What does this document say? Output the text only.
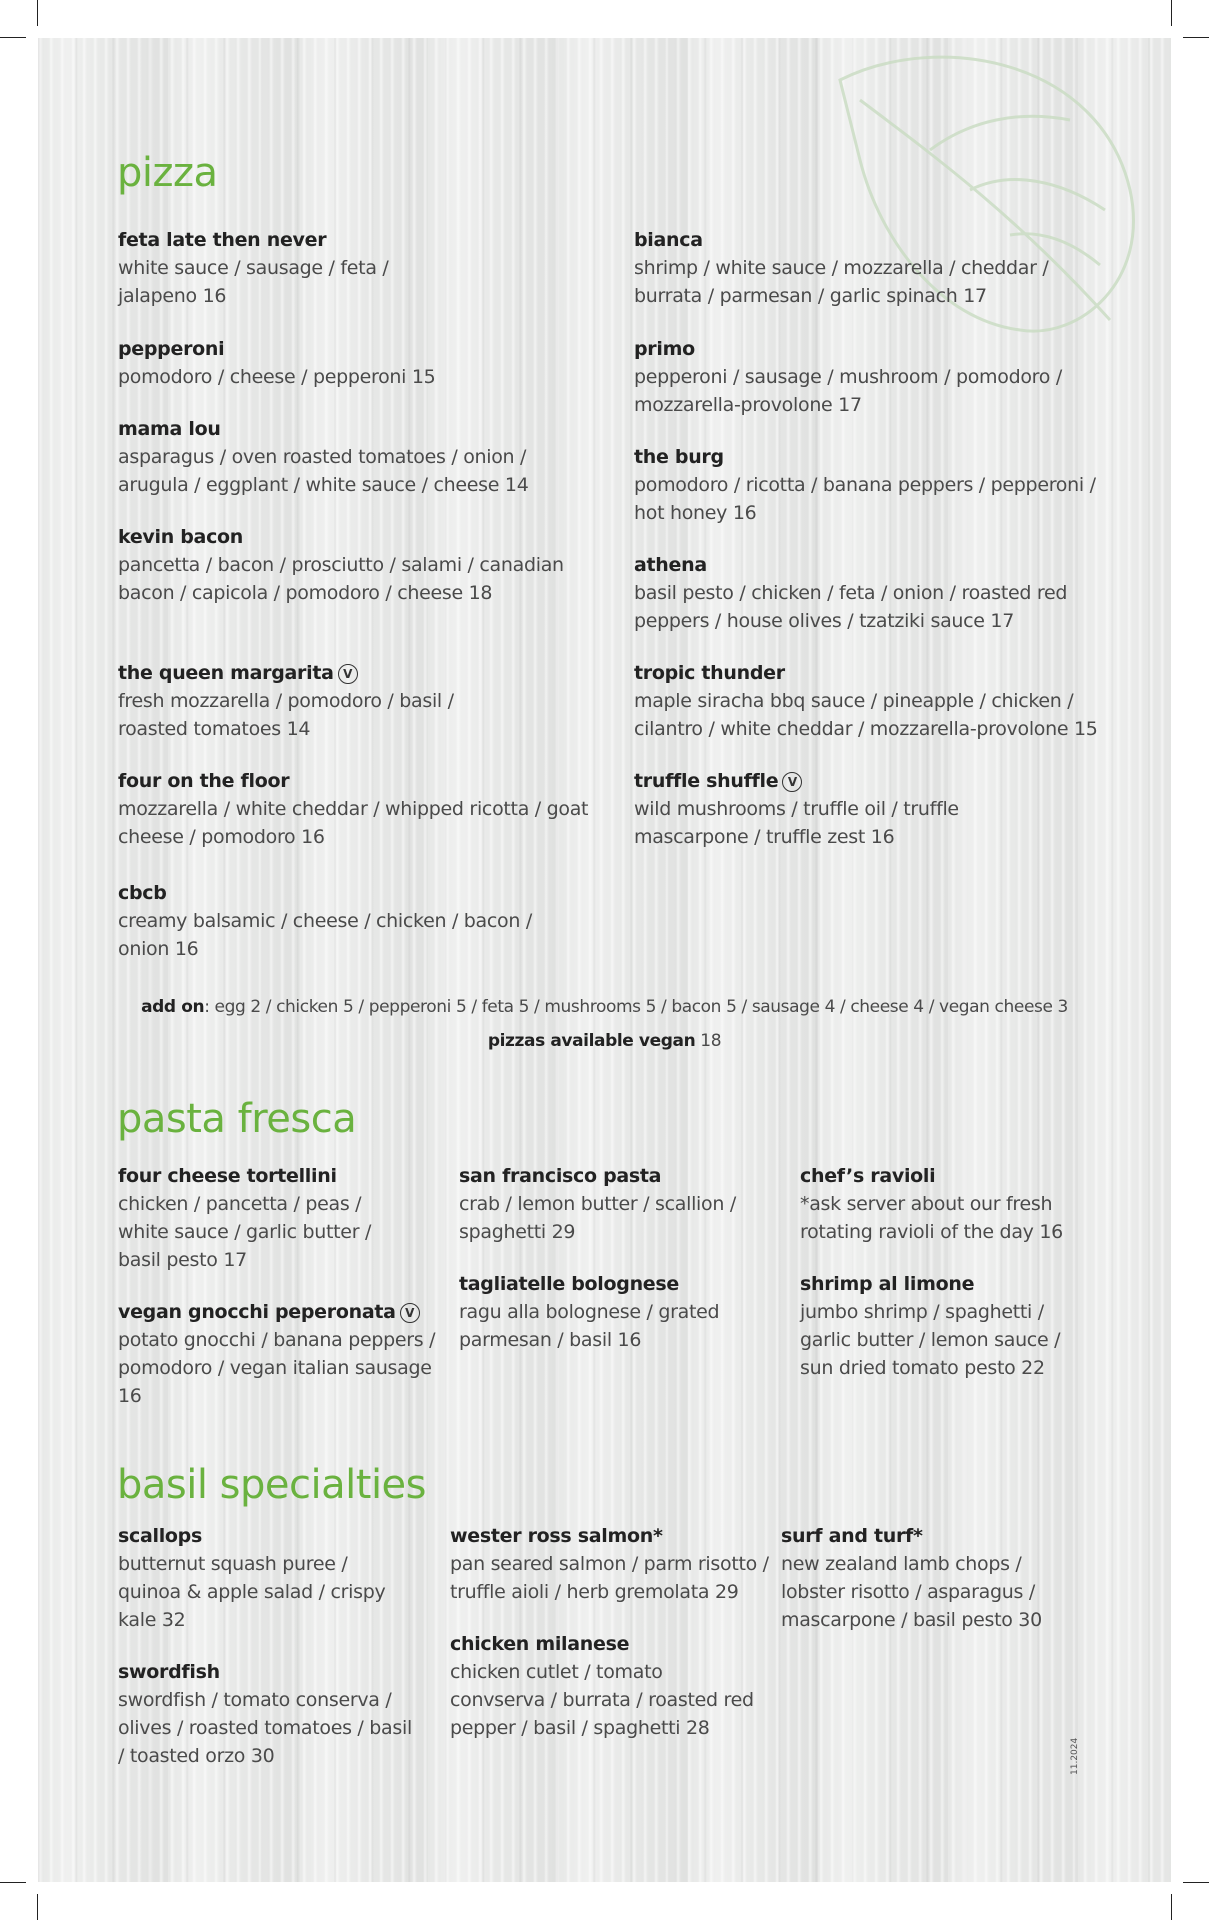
pizza
feta late then never
white sauce / sausage / feta / jalapeno 16
pepperoni
pomodoro / cheese / pepperoni 15
mama lou
asparagus / oven roasted tomatoes / onion / arugula / eggplant / white sauce / cheese 14
kevin bacon
pancetta / bacon / prosciutto / salami / canadian bacon / capicola / pomodoro / cheese 18
the queen margarita V
fresh mozzarella / pomodoro / basil / roasted tomatoes 14
four on the floor
mozzarella / white cheddar / whipped ricotta / goat cheese / pomodoro 16
cbcb
creamy balsamic / cheese / chicken / bacon / onion 16
bianca
shrimp / white sauce / mozzarella / cheddar / burrata / parmesan / garlic spinach 17
primo
pepperoni / sausage / mushroom / pomodoro / mozzarella-provolone 17
the burg
pomodoro / ricotta / banana peppers / pepperoni / hot honey 16
athena
basil pesto / chicken / feta / onion / roasted red peppers / house olives / tzatziki sauce 17
tropic thunder
maple siracha bbq sauce / pineapple / chicken / cilantro / white cheddar / mozzarella-provolone 15
truffle shuffle V
wild mushrooms / truffle oil / truffle mascarpone / truffle zest 16
add on: egg 2 / chicken 5 / pepperoni 5 / feta 5 / mushrooms 5 / bacon 5 / sausage 4 / cheese 4 / vegan cheese 3
pizzas available vegan 18
pasta fresca
four cheese tortellini
chicken / pancetta / peas / white sauce / garlic butter / basil pesto 17
vegan gnocchi peperonata V
potato gnocchi / banana peppers / pomodoro / vegan italian sausage 16
san francisco pasta
crab / lemon butter / scallion / spaghetti 29
tagliatelle bolognese
ragu alla bolognese / grated parmesan / basil 16
chef’s ravioli
*ask server about our fresh rotating ravioli of the day 16
shrimp al limone
jumbo shrimp / spaghetti / garlic butter / lemon sauce / sun dried tomato pesto 22
basil specialties
scallops
butternut squash puree / quinoa & apple salad / crispy kale 32
swordfish
swordfish / tomato conserva / olives / roasted tomatoes / basil / toasted orzo 30
wester ross salmon*
pan seared salmon / parm risotto / truffle aioli / herb gremolata 29
chicken milanese
chicken cutlet / tomato convserva / burrata / roasted red pepper / basil / spaghetti 28
surf and turf*
new zealand lamb chops / lobster risotto / asparagus / mascarpone / basil pesto 30
11.2024
